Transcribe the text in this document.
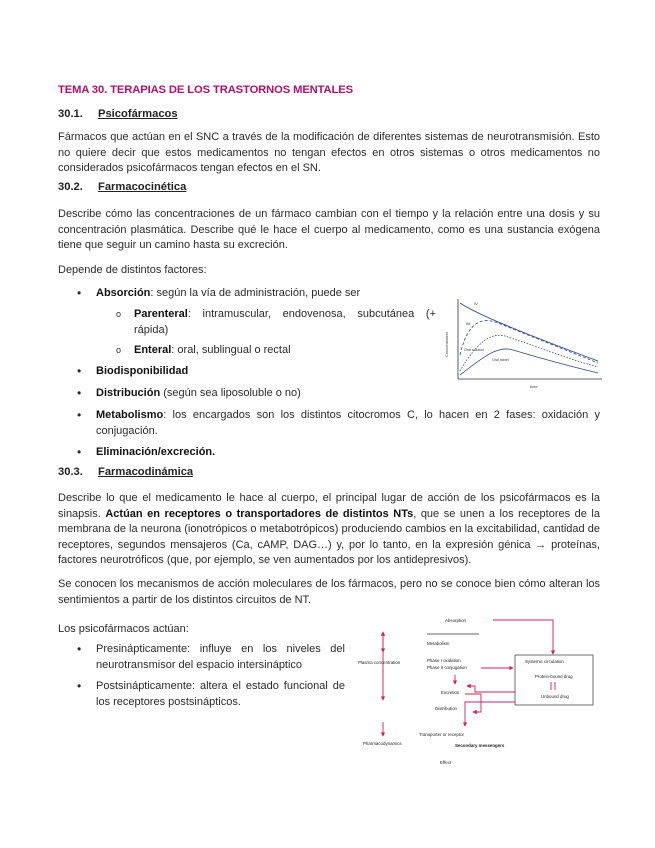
TEMA 30. TERAPIAS DE LOS TRASTORNOS MENTALES
30.1. Psicofármacos
Fármacos que actúan en el SNC a través de la modificación de diferentes sistemas de neurotransmisión. Esto no quiere decir que estos medicamentos no tengan efectos en otros sistemas o otros medicamentos no considerados psicofármacos tengan efectos en el SN.
30.2. Farmacocinética
Describe cómo las concentraciones de un fármaco cambian con el tiempo y la relación entre una dosis y su concentración plasmática. Describe qué le hace el cuerpo al medicamento, como es una sustancia exógena tiene que seguir un camino hasta su excreción.
Depende de distintos factores:
• Absorción: según la vía de administración, puede ser
o Parenteral: intramuscular, endovenosa, subcutánea (+ rápida)
o Enteral: oral, sublingual o rectal
• Biodisponibilidad
• Distribución (según sea liposoluble o no)
• Metabolismo: los encargados son los distintos citocromos C, lo hacen en 2 fases: oxidación y conjugación.
• Eliminación/excreción.
30.3. Farmacodinámica
Describe lo que el medicamento le hace al cuerpo, el principal lugar de acción de los psicofármacos es la sinapsis. Actúan en receptores o transportadores de distintos NTs, que se unen a los receptores de la membrana de la neurona (ionotrópicos o metabotrópicos) produciendo cambios en la excitabilidad, cantidad de receptores, segundos mensajeros (Ca, cAMP, DAG…) y, por lo tanto, en la expresión génica → proteínas, factores neurotróficos (que, por ejemplo, se ven aumentados por los antidepresivos).
Se conocen los mecanismos de acción moleculares de los fármacos, pero no se conoce bien cómo alteran los sentimientos a partir de los distintos circuitos de NT.
Los psicofármacos actúan:
• Presinápticamente: influye en los niveles del neurotransmisor del espacio intersináptico
• Postsinápticamente: altera el estado funcional de los receptores postsinápticos.
Concentration
time
IV
IM
Oral solution
Oral tablet
Absorption
Metabolism
Phase I oxidation
Phase II conjugation
Plasma concentration
Excretion
Distribution
Pharmacodynamics
Transporter or receptor
Secondary messengers
Effect
Systemic circulation
Protein-bound drug
Unbound drug
